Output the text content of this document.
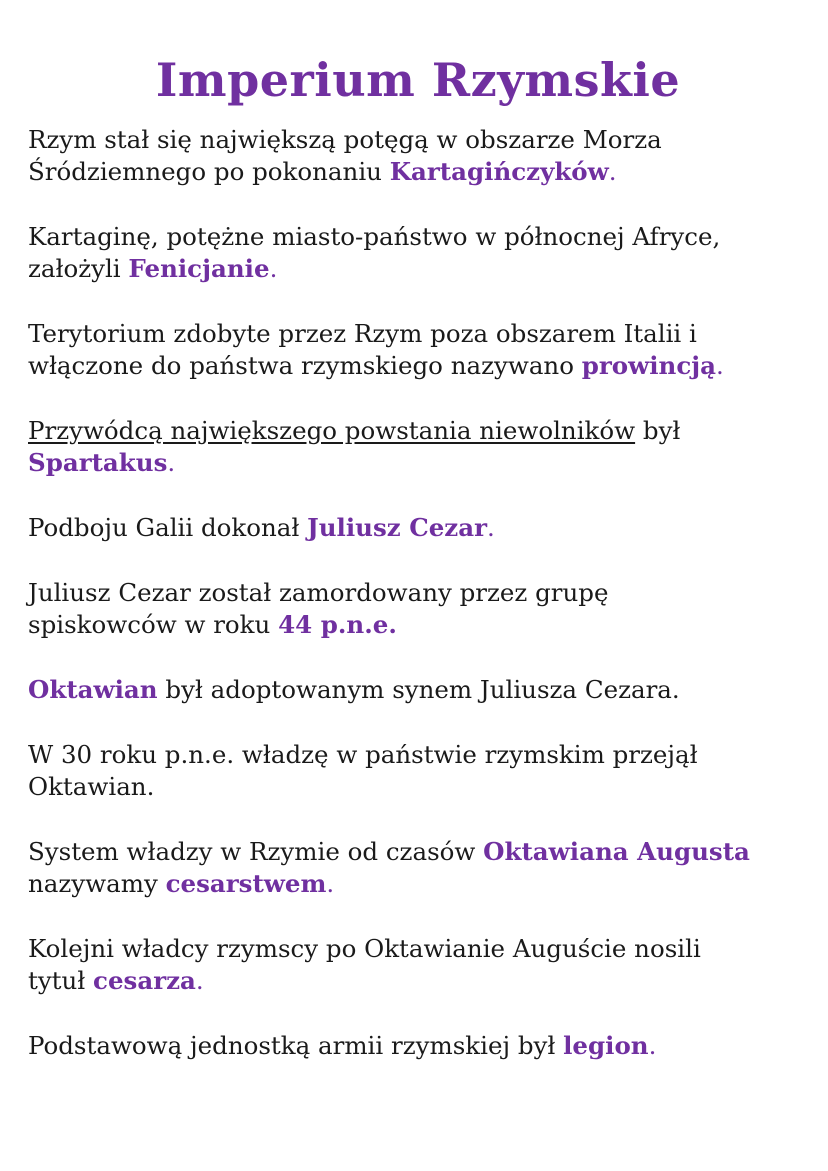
Imperium Rzymskie

Rzym stał się największą potęgą w obszarze Morza
Śródziemnego po pokonaniu Kartagińczyków.

Kartaginę, potężne miasto-państwo w północnej Afryce,
założyli Fenicjanie.

Terytorium zdobyte przez Rzym poza obszarem Italii i
włączone do państwa rzymskiego nazywano prowincją.

Przywódcą największego powstania niewolników był
Spartakus.

Podboju Galii dokonał Juliusz Cezar.

Juliusz Cezar został zamordowany przez grupę
spiskowców w roku 44 p.n.e.

Oktawian był adoptowanym synem Juliusza Cezara.

W 30 roku p.n.e. władzę w państwie rzymskim przejął
Oktawian.

System władzy w Rzymie od czasów Oktawiana Augusta
nazywamy cesarstwem.

Kolejni władcy rzymscy po Oktawianie Auguście nosili
tytuł cesarza.

Podstawową jednostką armii rzymskiej był legion.
